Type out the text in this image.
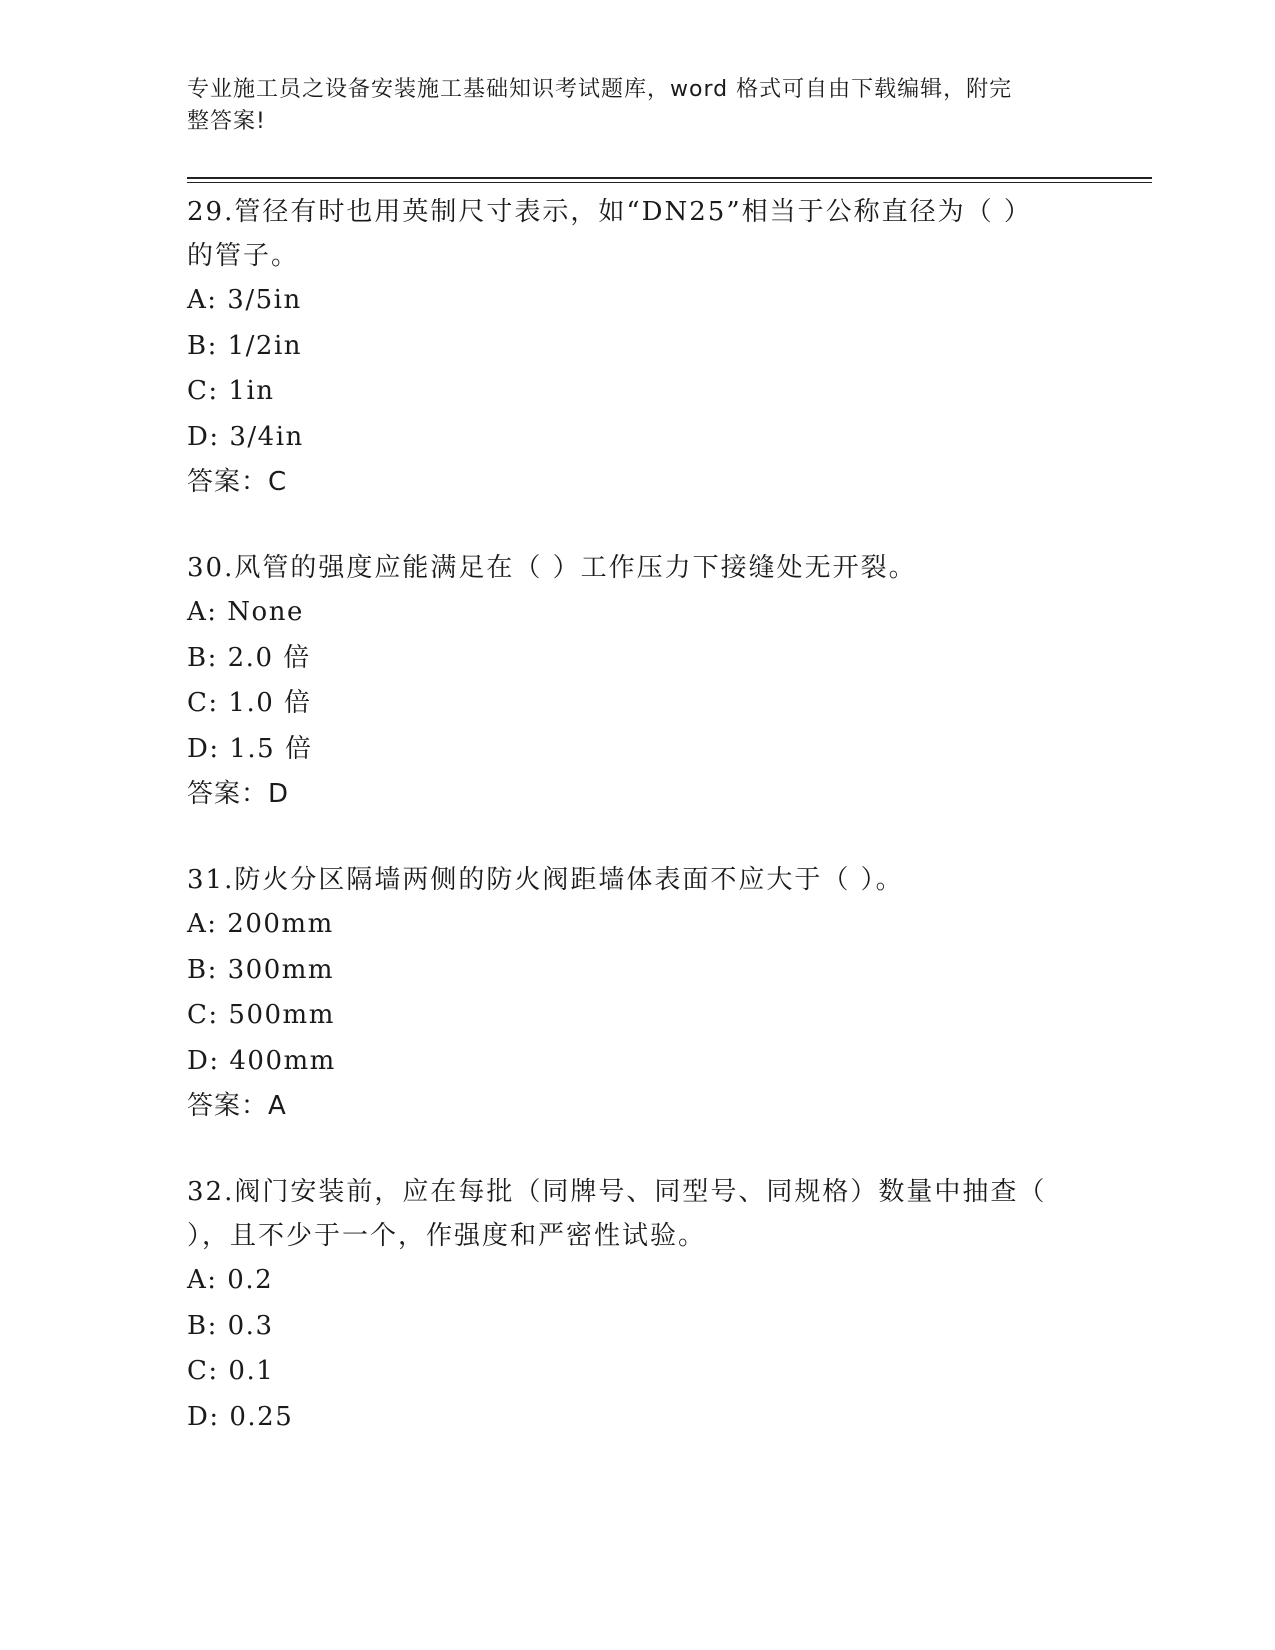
专业施工员之设备安装施工基础知识考试题库，word 格式可自由下载编辑，附完
整答案!
29.管径有时也用英制尺寸表示，如“DN25”相当于公称直径为（ ）
的管子。
A: 3/5in
B: 1/2in
C: 1in
D: 3/4in
答案：C
30.风管的强度应能满足在（ ）工作压力下接缝处无开裂。
A: None
B: 2.0 倍
C: 1.0 倍
D: 1.5 倍
答案：D
31.防火分区隔墙两侧的防火阀距墙体表面不应大于（ ）。
A: 200mm
B: 300mm
C: 500mm
D: 400mm
答案：A
32.阀门安装前，应在每批（同牌号、同型号、同规格）数量中抽查（
），且不少于一个，作强度和严密性试验。
A: 0.2
B: 0.3
C: 0.1
D: 0.25
